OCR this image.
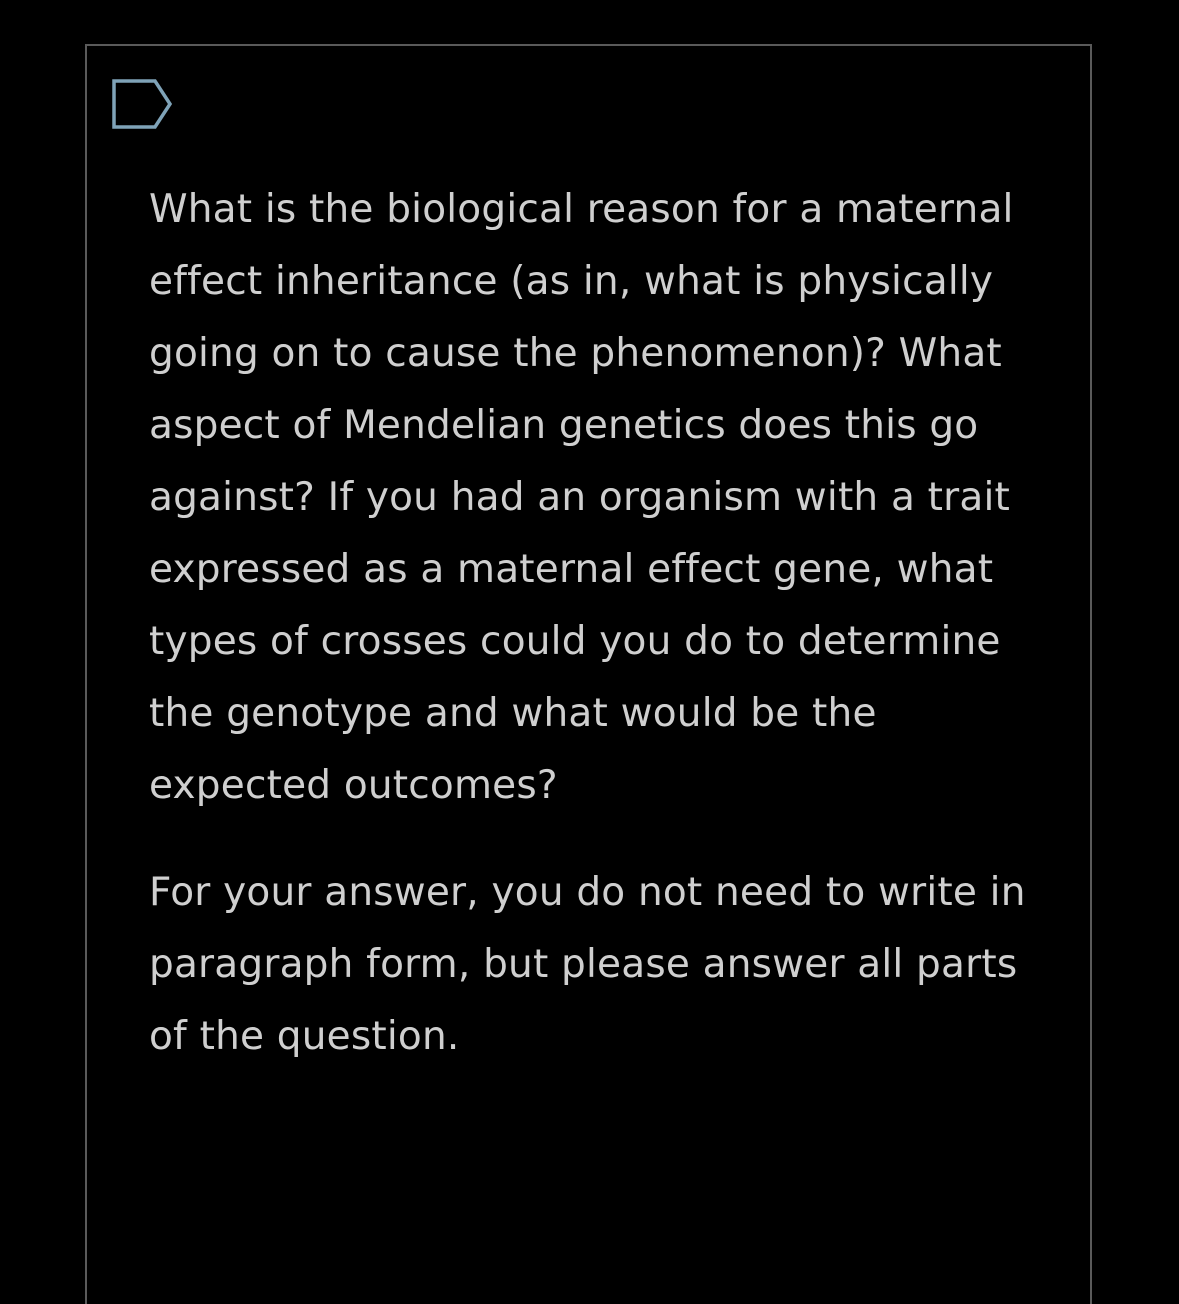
What is the biological reason for a maternal effect inheritance (as in, what is physically going on to cause the phenomenon)? What aspect of Mendelian genetics does this go against? If you had an organism with a trait expressed as a maternal effect gene, what types of crosses could you do to determine the genotype and what would be the expected outcomes?

For your answer, you do not need to write in paragraph form, but please answer all parts of the question.
